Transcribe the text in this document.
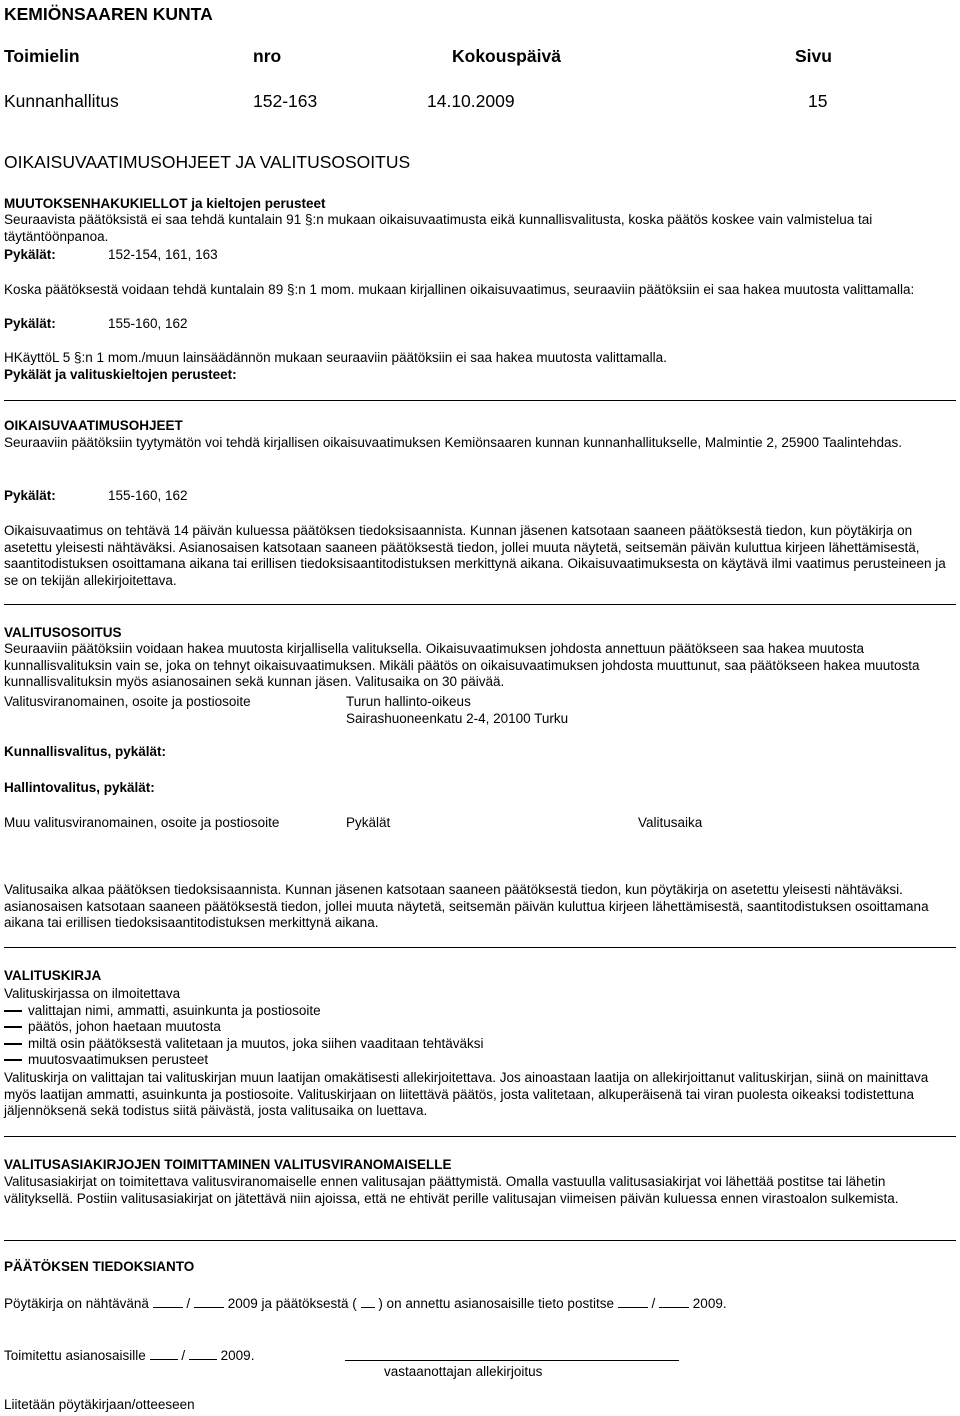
KEMIÖNSAAREN KUNTA
Toimielin	nro	Kokouspäivä	Sivu
Kunnanhallitus	152-163	14.10.2009	15
OIKAISUVAATIMUSOHJEET JA VALITUSOSOITUS
MUUTOKSENHAKUKIELLOT ja kieltojen perusteet
Seuraavista päätöksistä ei saa tehdä kuntalain 91 §:n mukaan oikaisuvaatimusta eikä kunnallisvalitusta, koska päätös koskee vain valmistelua tai täytäntöönpanoa.
Pykälät:	152-154, 161, 163
Koska päätöksestä voidaan tehdä kuntalain 89 §:n 1 mom. mukaan kirjallinen oikaisuvaatimus, seuraaviin päätöksiin ei saa hakea muutosta valittamalla:
Pykälät:	155-160, 162
HKäyttöL 5 §:n 1 mom./muun lainsäädännön mukaan seuraaviin päätöksiin ei saa hakea muutosta valittamalla.
Pykälät ja valituskieltojen perusteet:
OIKAISUVAATIMUSOHJEET
Seuraaviin päätöksiin tyytymätön voi tehdä kirjallisen oikaisuvaatimuksen Kemiönsaaren kunnan kunnanhallitukselle, Malmintie 2, 25900 Taalintehdas.
Pykälät:	155-160, 162
Oikaisuvaatimus on tehtävä 14 päivän kuluessa päätöksen tiedoksisaannista. Kunnan jäsenen katsotaan saaneen päätöksestä tiedon, kun pöytäkirja on asetettu yleisesti nähtäväksi. Asianosaisen katsotaan saaneen päätöksestä tiedon, jollei muuta näytetä, seitsemän päivän kuluttua kirjeen lähettämisestä, saantitodistuksen osoittamana aikana tai erillisen tiedoksisaantitodistuksen merkittynä aikana. Oikaisuvaatimuksesta on käytävä ilmi vaatimus perusteineen ja se on tekijän allekirjoitettava.
VALITUSOSOITUS
Seuraaviin päätöksiin voidaan hakea muutosta kirjallisella valituksella. Oikaisuvaatimuksen johdosta annettuun päätökseen saa hakea muutosta kunnallisvalituksin vain se, joka on tehnyt oikaisuvaatimuksen. Mikäli päätös on oikaisuvaatimuksen johdosta muuttunut, saa päätökseen hakea muutosta kunnallisvalituksin myös asianosainen sekä kunnan jäsen. Valitusaika on 30 päivää.
Valitusviranomainen, osoite ja postiosoite	Turun hallinto-oikeus
Sairashuoneenkatu 2-4, 20100 Turku
Kunnallisvalitus, pykälät:
Hallintovalitus, pykälät:
Muu valitusviranomainen, osoite ja postiosoite	Pykälät	Valitusaika
Valitusaika alkaa päätöksen tiedoksisaannista. Kunnan jäsenen katsotaan saaneen päätöksestä tiedon, kun pöytäkirja on asetettu yleisesti nähtäväksi. asianosaisen katsotaan saaneen päätöksestä tiedon, jollei muuta näytetä, seitsemän päivän kuluttua kirjeen lähettämisestä, saantitodistuksen osoittamana aikana tai erillisen tiedoksisaantitodistuksen merkittynä aikana.
VALITUSKIRJA
Valituskirjassa on ilmoitettava
valittajan nimi, ammatti, asuinkunta ja postiosoite
päätös, johon haetaan muutosta
miltä osin päätöksestä valitetaan ja muutos, joka siihen vaaditaan tehtäväksi
muutosvaatimuksen perusteet
Valituskirja on valittajan tai valituskirjan muun laatijan omakätisesti allekirjoitettava. Jos ainoastaan laatija on allekirjoittanut valituskirjan, siinä on mainittava myös laatijan ammatti, asuinkunta ja postiosoite. Valituskirjaan on liitettävä päätös, josta valitetaan, alkuperäisenä tai viran puolesta oikeaksi todistettuna jäljennöksenä sekä todistus siitä päivästä, josta valitusaika on luettava.
VALITUSASIAKIRJOJEN TOIMITTAMINEN VALITUSVIRANOMAISELLE
Valitusasiakirjat on toimitettava valitusviranomaiselle ennen valitusajan päättymistä. Omalla vastuulla valitusasiakirjat voi lähettää postitse tai lähetin välityksellä. Postiin valitusasiakirjat on jätettävä niin ajoissa, että ne ehtivät perille valitusajan viimeisen päivän kuluessa ennen virastoalon sulkemista.
PÄÄTÖKSEN TIEDOKSIANTO
Pöytäkirja on nähtävänä	/	2009 ja päätöksestä ( ) on annettu asianosaisille tieto postitse	/	2009.
Toimitettu asianosaisille	/	2009.
vastaanottajan allekirjoitus
Liitetään pöytäkirjaan/otteeseen
